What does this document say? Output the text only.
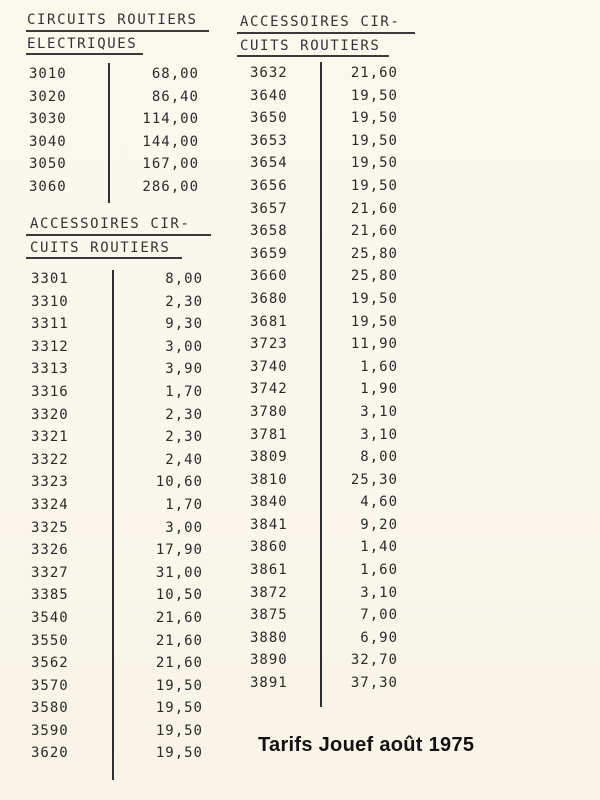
CIRCUITS ROUTIERS
ELECTRIQUES
3010	68,00
3020	86,40
3030	114,00
3040	144,00
3050	167,00
3060	286,00
ACCESSOIRES CIR-
CUITS ROUTIERS
3301	8,00
3310	2,30
3311	9,30
3312	3,00
3313	3,90
3316	1,70
3320	2,30
3321	2,30
3322	2,40
3323	10,60
3324	1,70
3325	3,00
3326	17,90
3327	31,00
3385	10,50
3540	21,60
3550	21,60
3562	21,60
3570	19,50
3580	19,50
3590	19,50
3620	19,50
ACCESSOIRES CIR-
CUITS ROUTIERS
3632	21,60
3640	19,50
3650	19,50
3653	19,50
3654	19,50
3656	19,50
3657	21,60
3658	21,60
3659	25,80
3660	25,80
3680	19,50
3681	19,50
3723	11,90
3740	1,60
3742	1,90
3780	3,10
3781	3,10
3809	8,00
3810	25,30
3840	4,60
3841	9,20
3860	1,40
3861	1,60
3872	3,10
3875	7,00
3880	6,90
3890	32,70
3891	37,30
Tarifs Jouef août 1975
